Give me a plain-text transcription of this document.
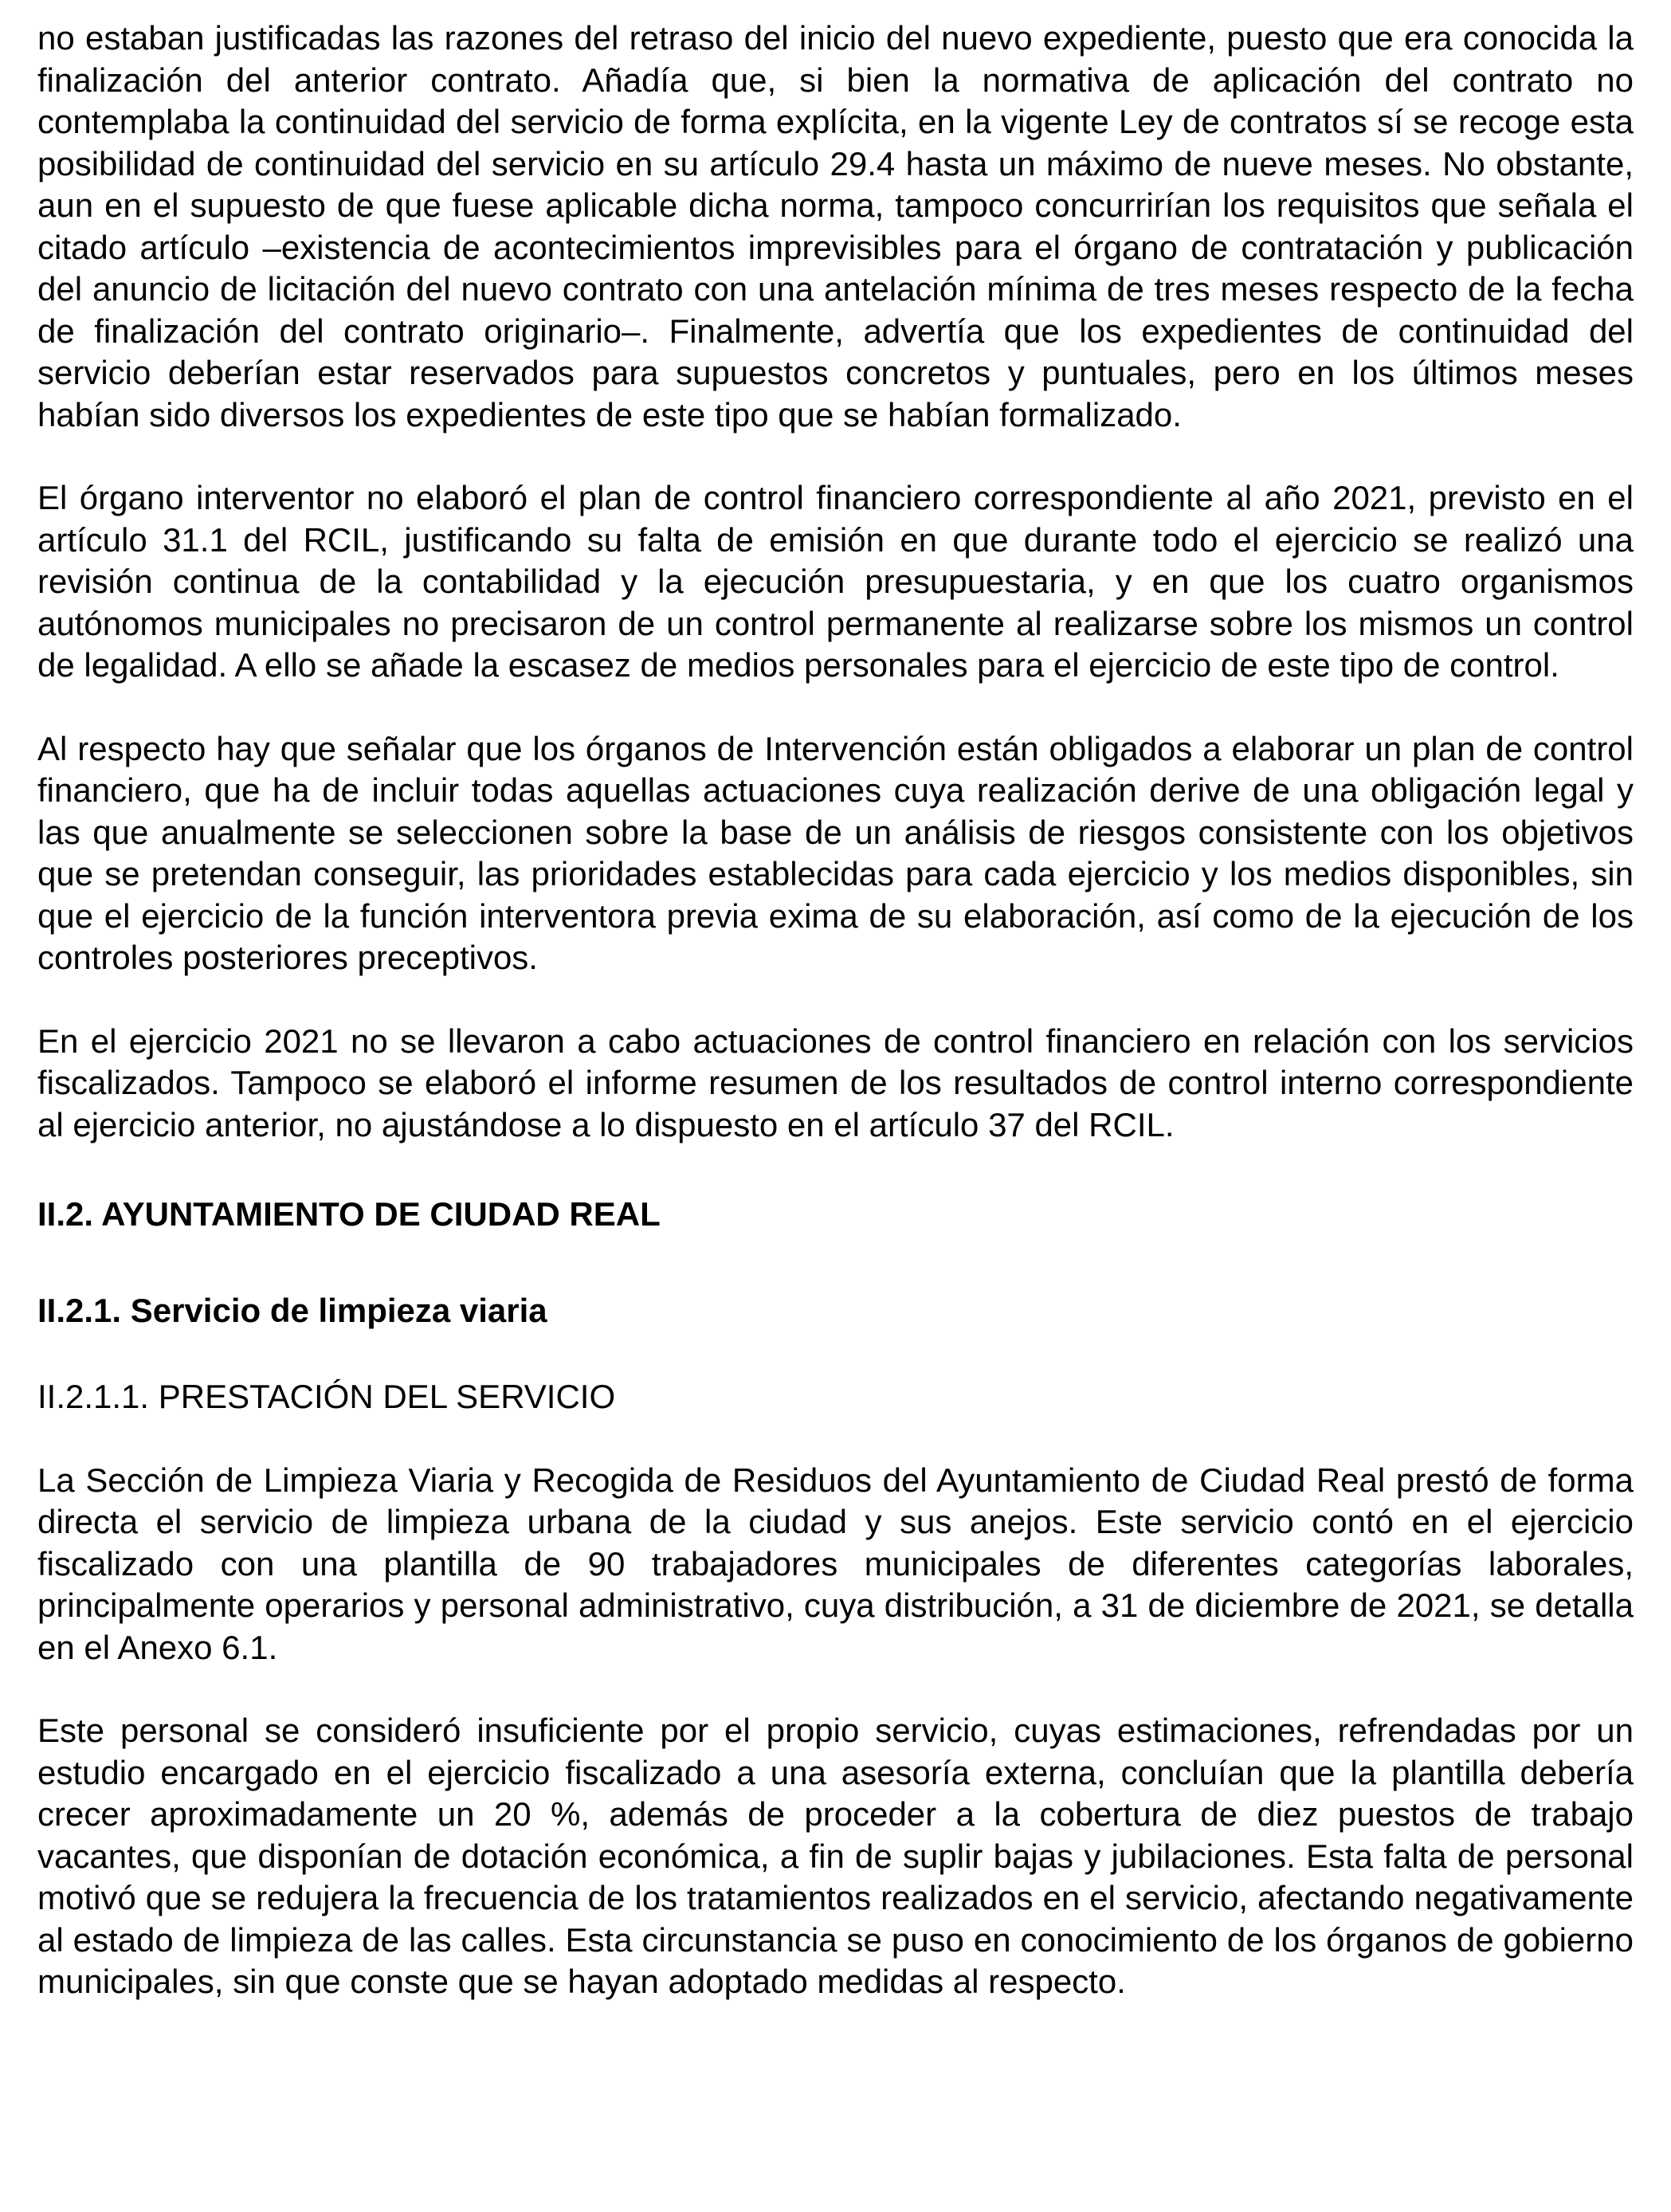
no estaban justificadas las razones del retraso del inicio del nuevo expediente, puesto que era conocida la finalización del anterior contrato. Añadía que, si bien la normativa de aplicación del contrato no contemplaba la continuidad del servicio de forma explícita, en la vigente Ley de contratos sí se recoge esta posibilidad de continuidad del servicio en su artículo 29.4 hasta un máximo de nueve meses. No obstante, aun en el supuesto de que fuese aplicable dicha norma, tampoco concurrirían los requisitos que señala el citado artículo –existencia de acontecimientos imprevisibles para el órgano de contratación y publicación del anuncio de licitación del nuevo contrato con una antelación mínima de tres meses respecto de la fecha de finalización del contrato originario–. Finalmente, advertía que los expedientes de continuidad del servicio deberían estar reservados para supuestos concretos y puntuales, pero en los últimos meses habían sido diversos los expedientes de este tipo que se habían formalizado.

El órgano interventor no elaboró el plan de control financiero correspondiente al año 2021, previsto en el artículo 31.1 del RCIL, justificando su falta de emisión en que durante todo el ejercicio se realizó una revisión continua de la contabilidad y la ejecución presupuestaria, y en que los cuatro organismos autónomos municipales no precisaron de un control permanente al realizarse sobre los mismos un control de legalidad. A ello se añade la escasez de medios personales para el ejercicio de este tipo de control.

Al respecto hay que señalar que los órganos de Intervención están obligados a elaborar un plan de control financiero, que ha de incluir todas aquellas actuaciones cuya realización derive de una obligación legal y las que anualmente se seleccionen sobre la base de un análisis de riesgos consistente con los objetivos que se pretendan conseguir, las prioridades establecidas para cada ejercicio y los medios disponibles, sin que el ejercicio de la función interventora previa exima de su elaboración, así como de la ejecución de los controles posteriores preceptivos.

En el ejercicio 2021 no se llevaron a cabo actuaciones de control financiero en relación con los servicios fiscalizados. Tampoco se elaboró el informe resumen de los resultados de control interno correspondiente al ejercicio anterior, no ajustándose a lo dispuesto en el artículo 37 del RCIL.

II.2. AYUNTAMIENTO DE CIUDAD REAL

II.2.1. Servicio de limpieza viaria

II.2.1.1. PRESTACIÓN DEL SERVICIO

La Sección de Limpieza Viaria y Recogida de Residuos del Ayuntamiento de Ciudad Real prestó de forma directa el servicio de limpieza urbana de la ciudad y sus anejos. Este servicio contó en el ejercicio fiscalizado con una plantilla de 90 trabajadores municipales de diferentes categorías laborales, principalmente operarios y personal administrativo, cuya distribución, a 31 de diciembre de 2021, se detalla en el Anexo 6.1.

Este personal se consideró insuficiente por el propio servicio, cuyas estimaciones, refrendadas por un estudio encargado en el ejercicio fiscalizado a una asesoría externa, concluían que la plantilla debería crecer aproximadamente un 20 %, además de proceder a la cobertura de diez puestos de trabajo vacantes, que disponían de dotación económica, a fin de suplir bajas y jubilaciones. Esta falta de personal motivó que se redujera la frecuencia de los tratamientos realizados en el servicio, afectando negativamente al estado de limpieza de las calles. Esta circunstancia se puso en conocimiento de los órganos de gobierno municipales, sin que conste que se hayan adoptado medidas al respecto.
